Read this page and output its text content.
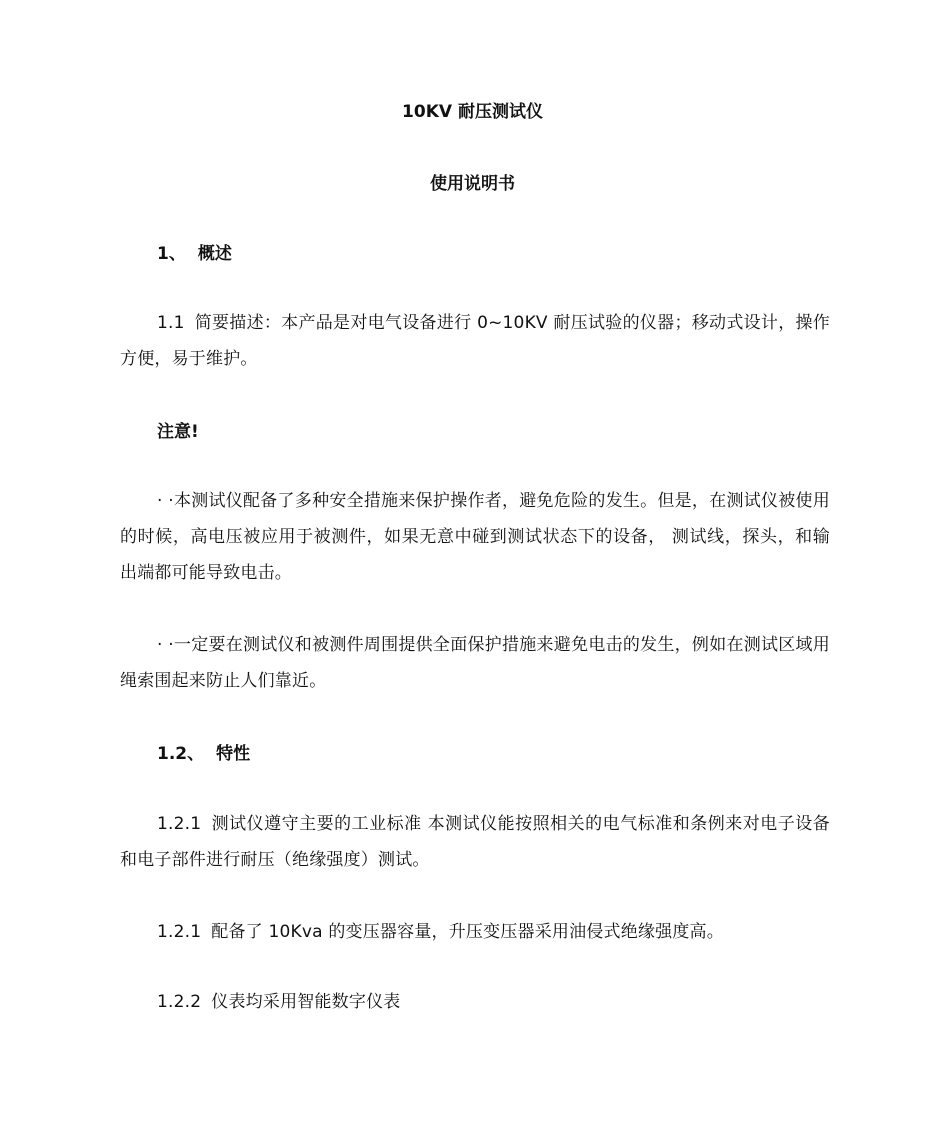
10KV 耐压测试仪
使用说明书
1、 概述
1.1 简要描述：本产品是对电气设备进行 0~10KV 耐压试验的仪器；移动式设计，操作方便，易于维护。
注意!
· ·本测试仪配备了多种安全措施来保护操作者，避免危险的发生。但是，在测试仪被使用的时候，高电压被应用于被测件，如果无意中碰到测试状态下的设备， 测试线，探头，和输出端都可能导致电击。
· ·一定要在测试仪和被测件周围提供全面保护措施来避免电击的发生，例如在测试区域用绳索围起来防止人们靠近。
1.2、 特性
1.2.1 测试仪遵守主要的工业标准 本测试仪能按照相关的电气标准和条例来对电子设备和电子部件进行耐压（绝缘强度）测试。
1.2.1 配备了 10Kva 的变压器容量，升压变压器采用油侵式绝缘强度高。
1.2.2 仪表均采用智能数字仪表
